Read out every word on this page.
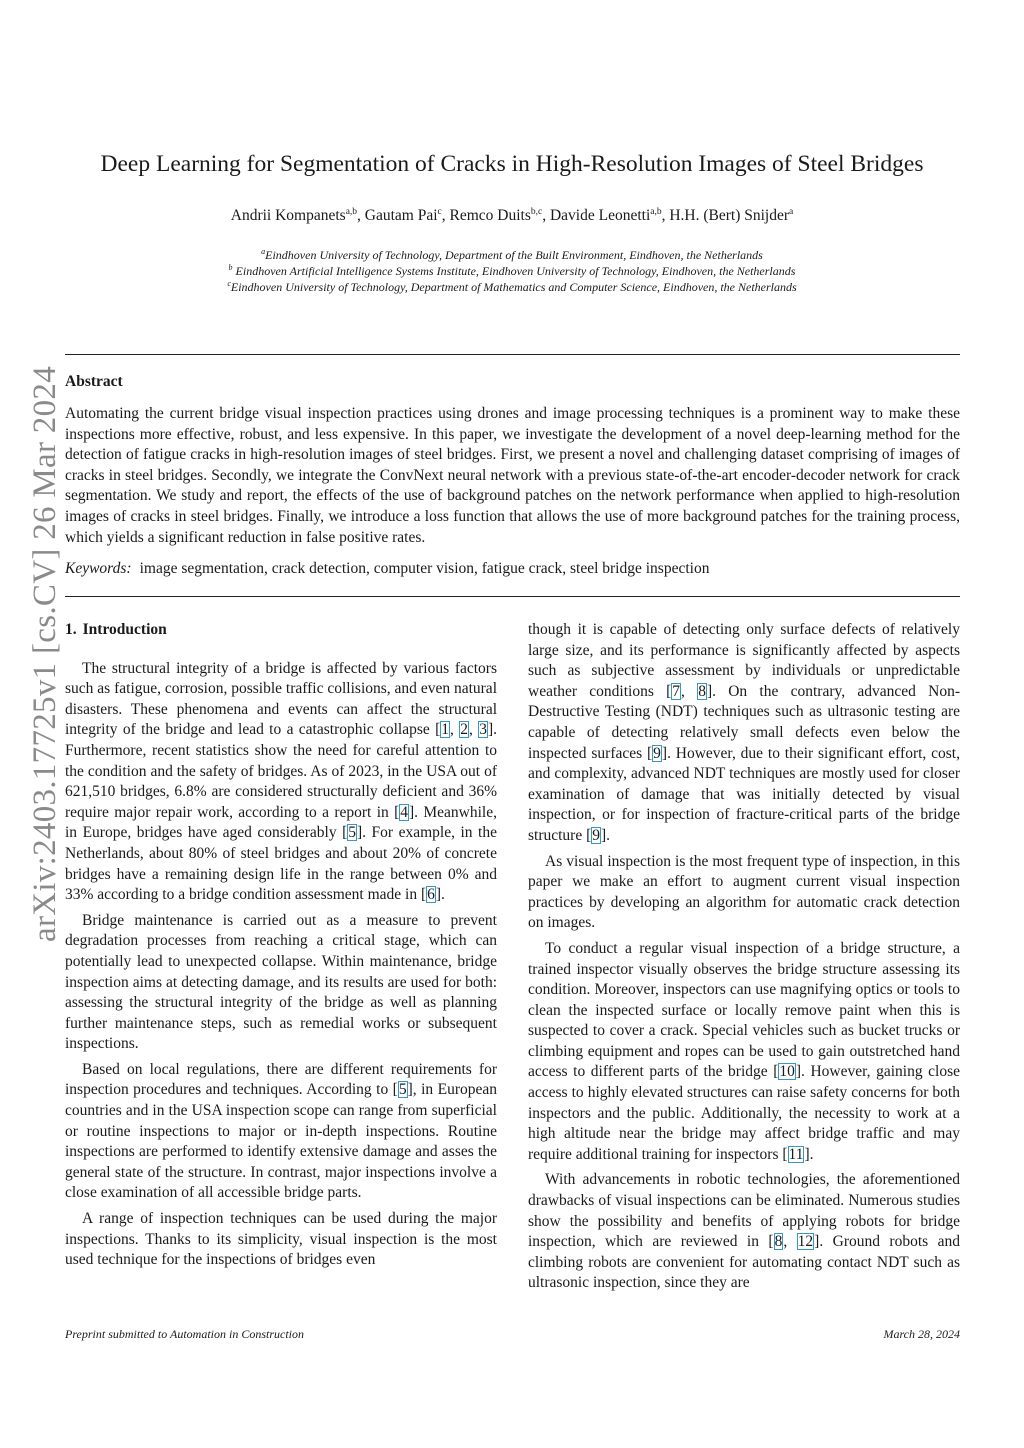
arXiv:2403.17725v1 [cs.CV] 26 Mar 2024
Deep Learning for Segmentation of Cracks in High-Resolution Images of Steel Bridges
Andrii Kompanets$^{a,b}$, Gautam Pai$^c$, Remco Duits$^{b,c}$, Davide Leonetti$^{a,b}$, H.H. (Bert) Snijder$^a$
$^a$Eindhoven University of Technology, Department of the Built Environment, Eindhoven, the Netherlands
$^b$ Eindhoven Artificial Intelligence Systems Institute, Eindhoven University of Technology, Eindhoven, the Netherlands
$^c$Eindhoven University of Technology, Department of Mathematics and Computer Science, Eindhoven, the Netherlands
Abstract
Automating the current bridge visual inspection practices using drones and image processing techniques is a prominent way to make these inspections more effective, robust, and less expensive. In this paper, we investigate the development of a novel deep-learning method for the detection of fatigue cracks in high-resolution images of steel bridges. First, we present a novel and challenging dataset comprising of images of cracks in steel bridges. Secondly, we integrate the ConvNext neural network with a previous state-of-the-art encoder-decoder network for crack segmentation. We study and report, the effects of the use of background patches on the network performance when applied to high-resolution images of cracks in steel bridges. Finally, we introduce a loss function that allows the use of more background patches for the training process, which yields a significant reduction in false positive rates.
Keywords: image segmentation, crack detection, computer vision, fatigue crack, steel bridge inspection
1. Introduction

The structural integrity of a bridge is affected by various factors such as fatigue, corrosion, possible traffic collisions, and even natural disasters. These phenomena and events can affect the structural integrity of the bridge and lead to a catastrophic collapse [1, 2, 3]. Furthermore, recent statistics show the need for careful attention to the condition and the safety of bridges. As of 2023, in the USA out of 621,510 bridges, 6.8% are considered structurally deficient and 36% require major repair work, according to a report in [4]. Meanwhile, in Europe, bridges have aged considerably [5]. For example, in the Netherlands, about 80% of steel bridges and about 20% of concrete bridges have a remaining design life in the range between 0% and 33% according to a bridge condition assessment made in [6].

Bridge maintenance is carried out as a measure to prevent degradation processes from reaching a critical stage, which can potentially lead to unexpected collapse. Within maintenance, bridge inspection aims at detecting damage, and its results are used for both: assessing the structural integrity of the bridge as well as planning further maintenance steps, such as remedial works or subsequent inspections.

Based on local regulations, there are different requirements for inspection procedures and techniques. According to [5], in European countries and in the USA inspection scope can range from superficial or routine inspections to major or in-depth inspections. Routine inspections are performed to identify extensive damage and asses the general state of the structure. In contrast, major inspections involve a close examination of all accessible bridge parts.

A range of inspection techniques can be used during the major inspections. Thanks to its simplicity, visual inspection is the most used technique for the inspections of bridges even

though it is capable of detecting only surface defects of relatively large size, and its performance is significantly affected by aspects such as subjective assessment by individuals or unpredictable weather conditions [7, 8]. On the contrary, advanced Non-Destructive Testing (NDT) techniques such as ultrasonic testing are capable of detecting relatively small defects even below the inspected surfaces [9]. However, due to their significant effort, cost, and complexity, advanced NDT techniques are mostly used for closer examination of damage that was initially detected by visual inspection, or for inspection of fracture-critical parts of the bridge structure [9].

As visual inspection is the most frequent type of inspection, in this paper we make an effort to augment current visual inspection practices by developing an algorithm for automatic crack detection on images.

To conduct a regular visual inspection of a bridge structure, a trained inspector visually observes the bridge structure assessing its condition. Moreover, inspectors can use magnifying optics or tools to clean the inspected surface or locally remove paint when this is suspected to cover a crack. Special vehicles such as bucket trucks or climbing equipment and ropes can be used to gain outstretched hand access to different parts of the bridge [10]. However, gaining close access to highly elevated structures can raise safety concerns for both inspectors and the public. Additionally, the necessity to work at a high altitude near the bridge may affect bridge traffic and may require additional training for inspectors [11].

With advancements in robotic technologies, the aforementioned drawbacks of visual inspections can be eliminated. Numerous studies show the possibility and benefits of applying robots for bridge inspection, which are reviewed in [8, 12]. Ground robots and climbing robots are convenient for automating contact NDT such as ultrasonic inspection, since they are

Preprint submitted to Automation in Construction	March 28, 2024
